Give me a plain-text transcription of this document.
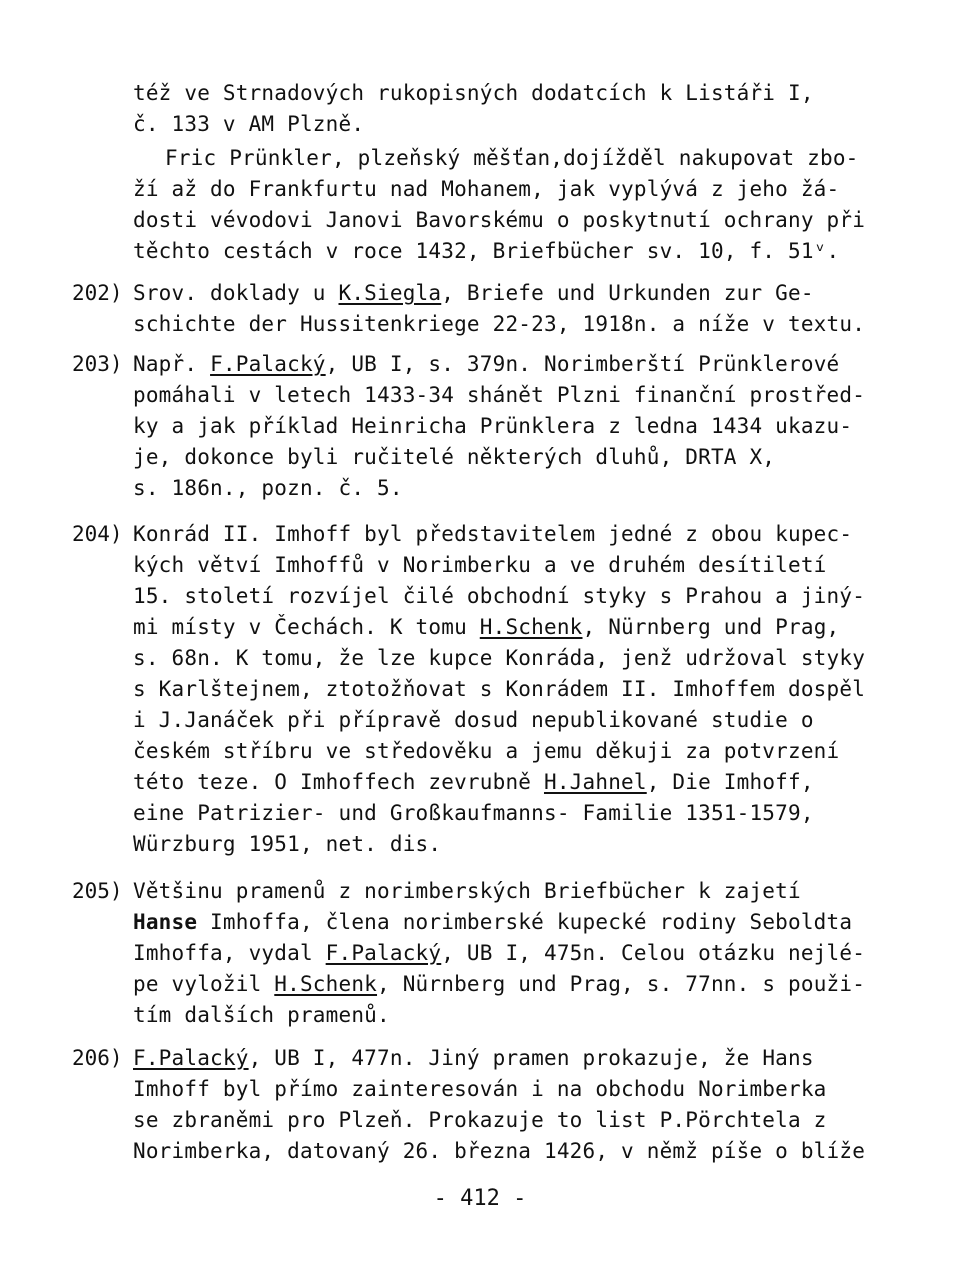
též ve Strnadových rukopisných dodatcích k Listáři I,
č. 133 v AM Plzně.
Fric Prünkler, plzeňský měšťan,dojížděl nakupovat zbo-
ží až do Frankfurtu nad Mohanem, jak vyplývá z jeho žá-
dosti vévodovi Janovi Bavorskému o poskytnutí ochrany při
těchto cestách v roce 1432, Briefbücher sv. 10, f. 51ᵛ.
202) Srov. doklady u K.Siegla, Briefe und Urkunden zur Ge-
schichte der Hussitenkriege 22-23, 1918n. a níže v textu.
203) Např. F.Palacký, UB I, s. 379n. Norimberští Prünklerové
pomáhali v letech 1433-34 shánět Plzni finanční prostřed-
ky a jak příklad Heinricha Prünklera z ledna 1434 ukazu-
je, dokonce byli ručitelé některých dluhů, DRTA X,
s. 186n., pozn. č. 5.
204) Konrád II. Imhoff byl představitelem jedné z obou kupec-
kých větví Imhoffů v Norimberku a ve druhém desítiletí
15. století rozvíjel čilé obchodní styky s Prahou a jiný-
mi místy v Čechách. K tomu H.Schenk, Nürnberg und Prag,
s. 68n. K tomu, že lze kupce Konráda, jenž udržoval styky
s Karlštejnem, ztotožňovat s Konrádem II. Imhoffem dospěl
i J.Janáček při přípravě dosud nepublikované studie o
českém stříbru ve středověku a jemu děkuji za potvrzení
této teze. O Imhoffech zevrubně H.Jahnel, Die Imhoff,
eine Patrizier- und Großkaufmanns- Familie 1351-1579,
Würzburg 1951, net. dis.
205) Většinu pramenů z norimberských Briefbücher k zajetí
Hanse Imhoffa, člena norimberské kupecké rodiny Seboldta
Imhoffa, vydal F.Palacký, UB I, 475n. Celou otázku nejlé-
pe vyložil H.Schenk, Nürnberg und Prag, s. 77nn. s použi-
tím dalších pramenů.
206) F.Palacký, UB I, 477n. Jiný pramen prokazuje, že Hans
Imhoff byl přímo zainteresován i na obchodu Norimberka
se zbraněmi pro Plzeň. Prokazuje to list P.Pörchtela z
Norimberka, datovaný 26. března 1426, v němž píše o blíže
- 412 -
